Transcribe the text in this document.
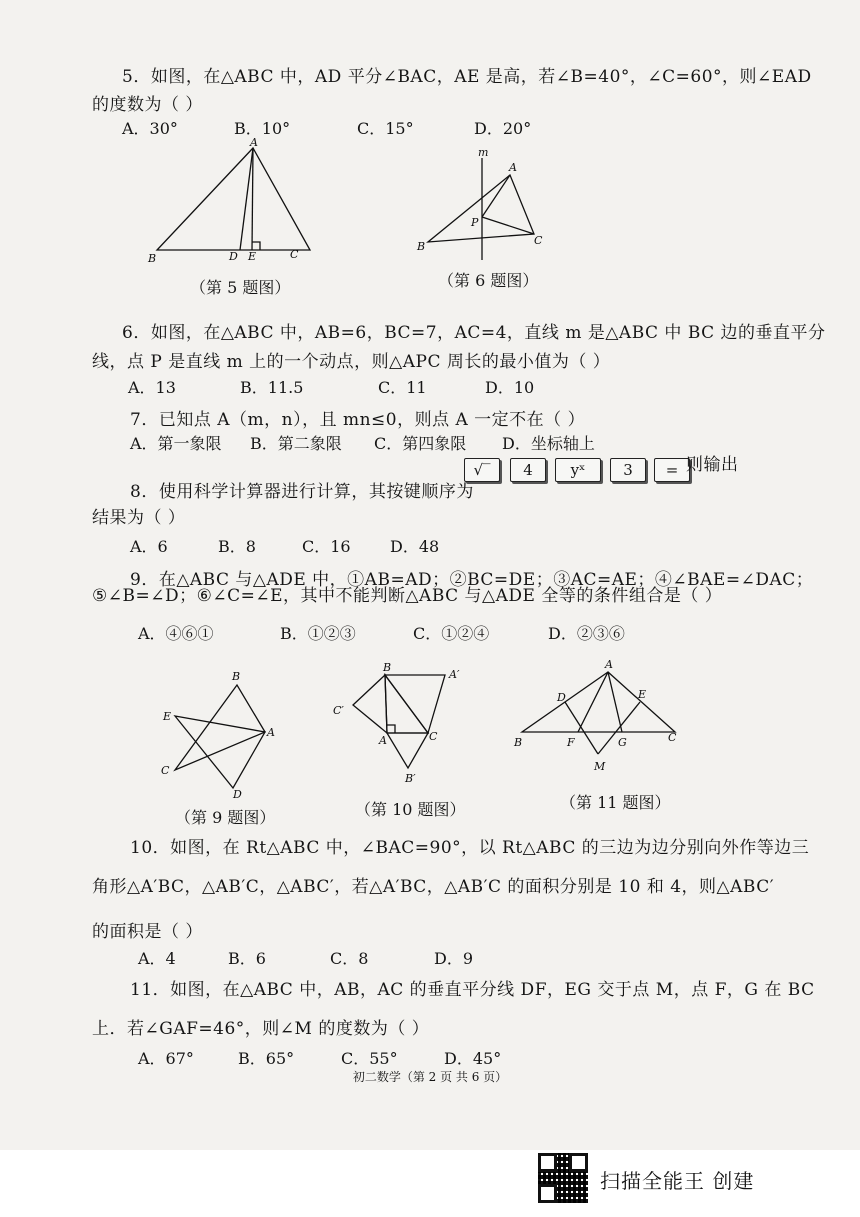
5．如图，在△ABC 中，AD 平分∠BAC，AE 是高，若∠B=40°，∠C=60°，则∠EAD
的度数为（ ）
A．30°	B．10°	C．15°	D．20°
A
B	C
D E
（第 5 题图）
m
A
B	C
P
（第 6 题图）
6．如图，在△ABC 中，AB=6，BC=7，AC=4，直线 m 是△ABC 中 BC 边的垂直平分
线，点 P 是直线 m 上的一个动点，则△APC 周长的最小值为（ ）
A．13	B．11.5	C．11	D．10
7．已知点 A（m，n），且 mn≤0，则点 A 一定不在（ ）
A．第一象限 B．第二象限 C．第四象限 D．坐标轴上
8．使用科学计算器进行计算，其按键顺序为
√‾	4	yˣ	3	= 则输出
结果为（ ）
A．6	B．8	C．16 D．48
9．在△ABC 与△ADE 中，①AB=AD；②BC=DE；③AC=AE；④∠BAE=∠DAC；
⑤∠B=∠D；⑥∠C=∠E，其中不能判断△ABC 与△ADE 全等的条件组合是（ ）
A．④⑥①	B．①②③	C．①②④	D．②③⑥
B
A
C
D
E
（第 9 题图）
B
A′
C′
A	C
B′
（第 10 题图）
A
B	C
D	E
F	G
M
（第 11 题图）
10．如图，在 Rt△ABC 中，∠BAC=90°，以 Rt△ABC 的三边为边分别向外作等边三
角形△A′BC，△AB′C，△ABC′，若△A′BC，△AB′C 的面积分别是 10 和 4，则△ABC′
的面积是（ ）
A．4	B．6	C．8	D．9
11．如图，在△ABC 中，AB，AC 的垂直平分线 DF，EG 交于点 M，点 F，G 在 BC
上．若∠GAF=46°，则∠M 的度数为（ ）
A．67°	B．65°	C．55°	D．45°
初二数学（第 2 页 共 6 页）
扫描全能王 创建
